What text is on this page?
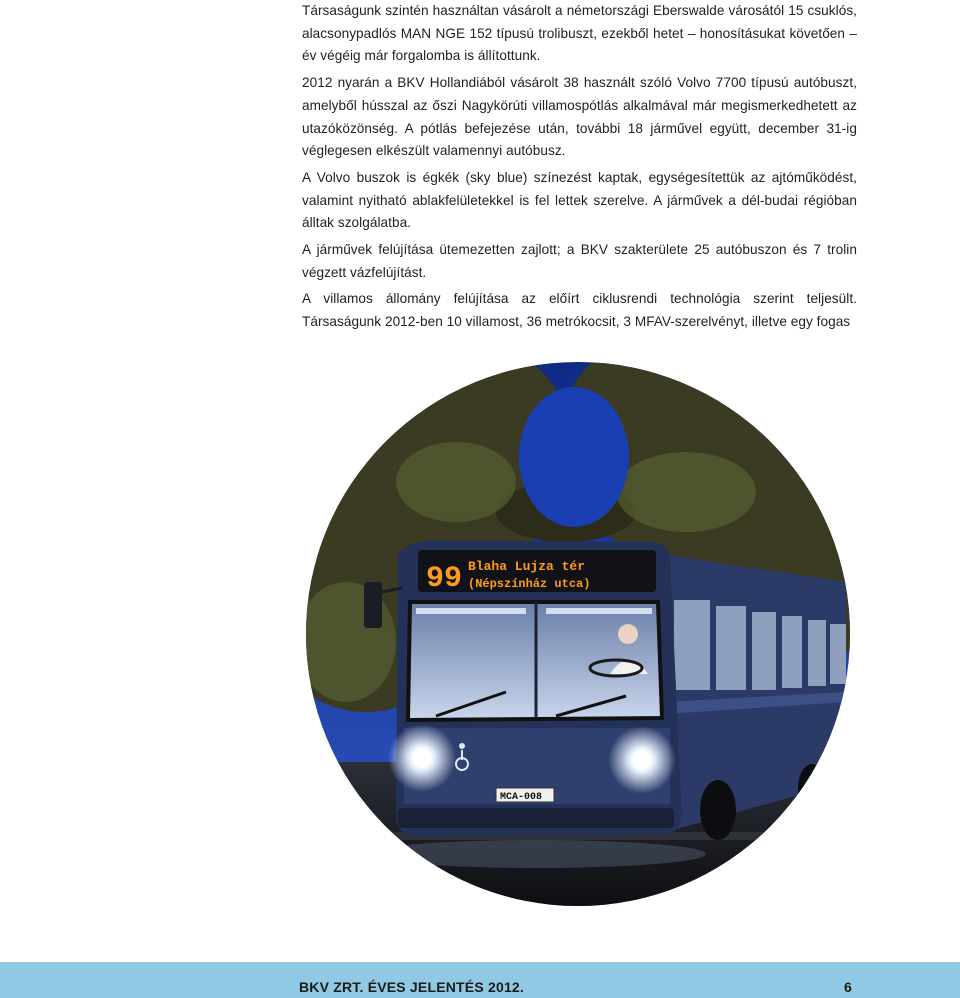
Társaságunk szintén használtan vásárolt a németországi Eberswalde városától 15 csuklós, alacsonypadlós MAN NGE 152 típusú trolibuszt, ezekből hetet – honosításukat követően – év végéig már forgalomba is állítottunk.

2012 nyarán a BKV Hollandiából vásárolt 38 használt szóló Volvo 7700 típusú autóbuszt, amelyből hússzal az őszi Nagykörúti villamospótlás alkalmával már megismerkedhetett az utazóközönség. A pótlás befejezése után, további 18 járművel együtt, december 31-ig véglegesen elkészült valamennyi autóbusz.

A Volvo buszok is égkék (sky blue) színezést kaptak, egységesítettük az ajtóműködést, valamint nyitható ablakfelületekkel is fel lettek szerelve. A járművek a dél-budai régióban álltak szolgálatba.

A járművek felújítása ütemezetten zajlott; a BKV szakterülete 25 autóbuszon és 7 trolin végzett vázfelújítást.

A villamos állomány felújítása az előírt ciklusrendi technológia szerint teljesült. Társaságunk 2012-ben 10 villamost, 36 metrókocsit, 3 MFAV-szerelvényt, illetve egy fogas

99 Blaha Lujza tér
(Népszínház utca)
MCA-008
BKV ZRT. ÉVES JELENTÉS 2012.	6
